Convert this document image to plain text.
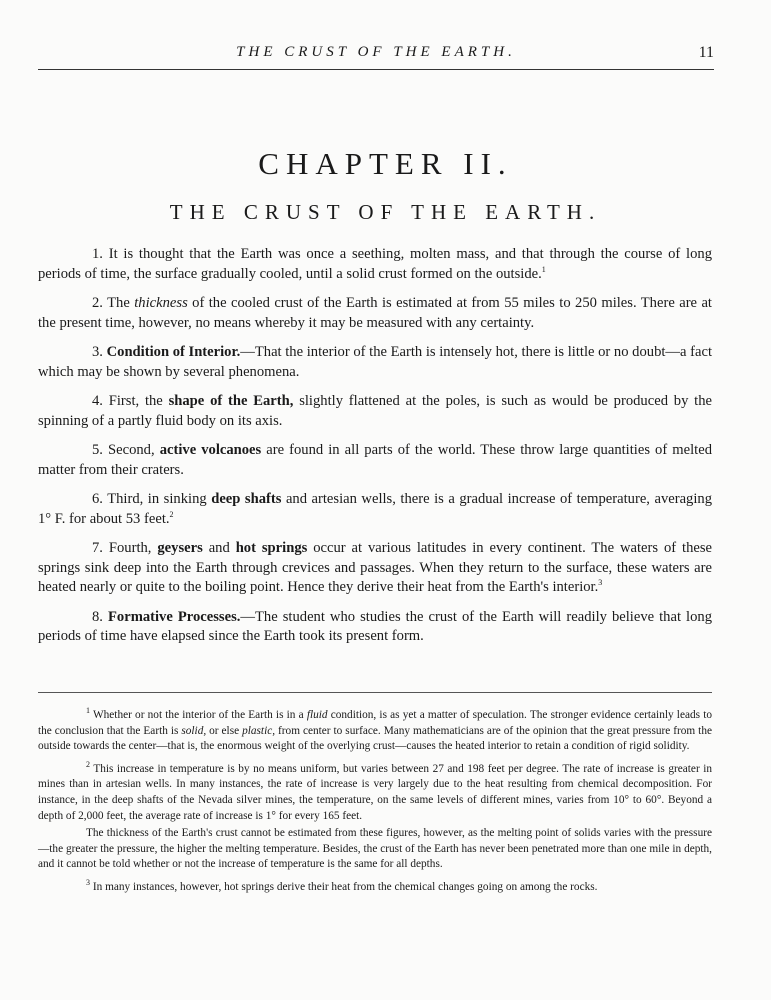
THE CRUST OF THE EARTH.	11
CHAPTER II.
THE CRUST OF THE EARTH.

1. It is thought that the Earth was once a seething, molten mass, and that through the course of long periods of time, the surface gradually cooled, until a solid crust formed on the outside.$^1$

2. The thickness of the cooled crust of the Earth is estimated at from 55 miles to 250 miles. There are at the present time, however, no means whereby it may be measured with any certainty.

3. Condition of Interior.—That the interior of the Earth is intensely hot, there is little or no doubt—a fact which may be shown by several phenomena.

4. First, the shape of the Earth, slightly flattened at the poles, is such as would be produced by the spinning of a partly fluid body on its axis.

5. Second, active volcanoes are found in all parts of the world. These throw large quantities of melted matter from their craters.

6. Third, in sinking deep shafts and artesian wells, there is a gradual increase of temperature, averaging 1° F. for about 53 feet.$^2$

7. Fourth, geysers and hot springs occur at various latitudes in every continent. The waters of these springs sink deep into the Earth through crevices and passages. When they return to the surface, these waters are heated nearly or quite to the boiling point. Hence they derive their heat from the Earth's interior.$^3$

8. Formative Processes.—The student who studies the crust of the Earth will readily believe that long periods of time have elapsed since the Earth took its present form.

$^1$ Whether or not the interior of the Earth is in a fluid condition, is as yet a matter of speculation. The stronger evidence certainly leads to the conclusion that the Earth is solid, or else plastic, from center to surface. Many mathematicians are of the opinion that the great pressure from the outside towards the center—that is, the enormous weight of the overlying crust—causes the heated interior to retain a condition of rigid solidity.

$^2$ This increase in temperature is by no means uniform, but varies between 27 and 198 feet per degree. The rate of increase is greater in mines than in artesian wells. In many instances, the rate of increase is very largely due to the heat resulting from chemical decomposition. For instance, in the deep shafts of the Nevada silver mines, the temperature, on the same levels of different mines, varies from 10° to 60°. Beyond a depth of 2,000 feet, the average rate of increase is 1° for every 165 feet.

The thickness of the Earth's crust cannot be estimated from these figures, however, as the melting point of solids varies with the pressure—the greater the pressure, the higher the melting temperature. Besides, the crust of the Earth has never been penetrated more than one mile in depth, and it cannot be told whether or not the increase of temperature is the same for all depths.

$^3$ In many instances, however, hot springs derive their heat from the chemical changes going on among the rocks.
